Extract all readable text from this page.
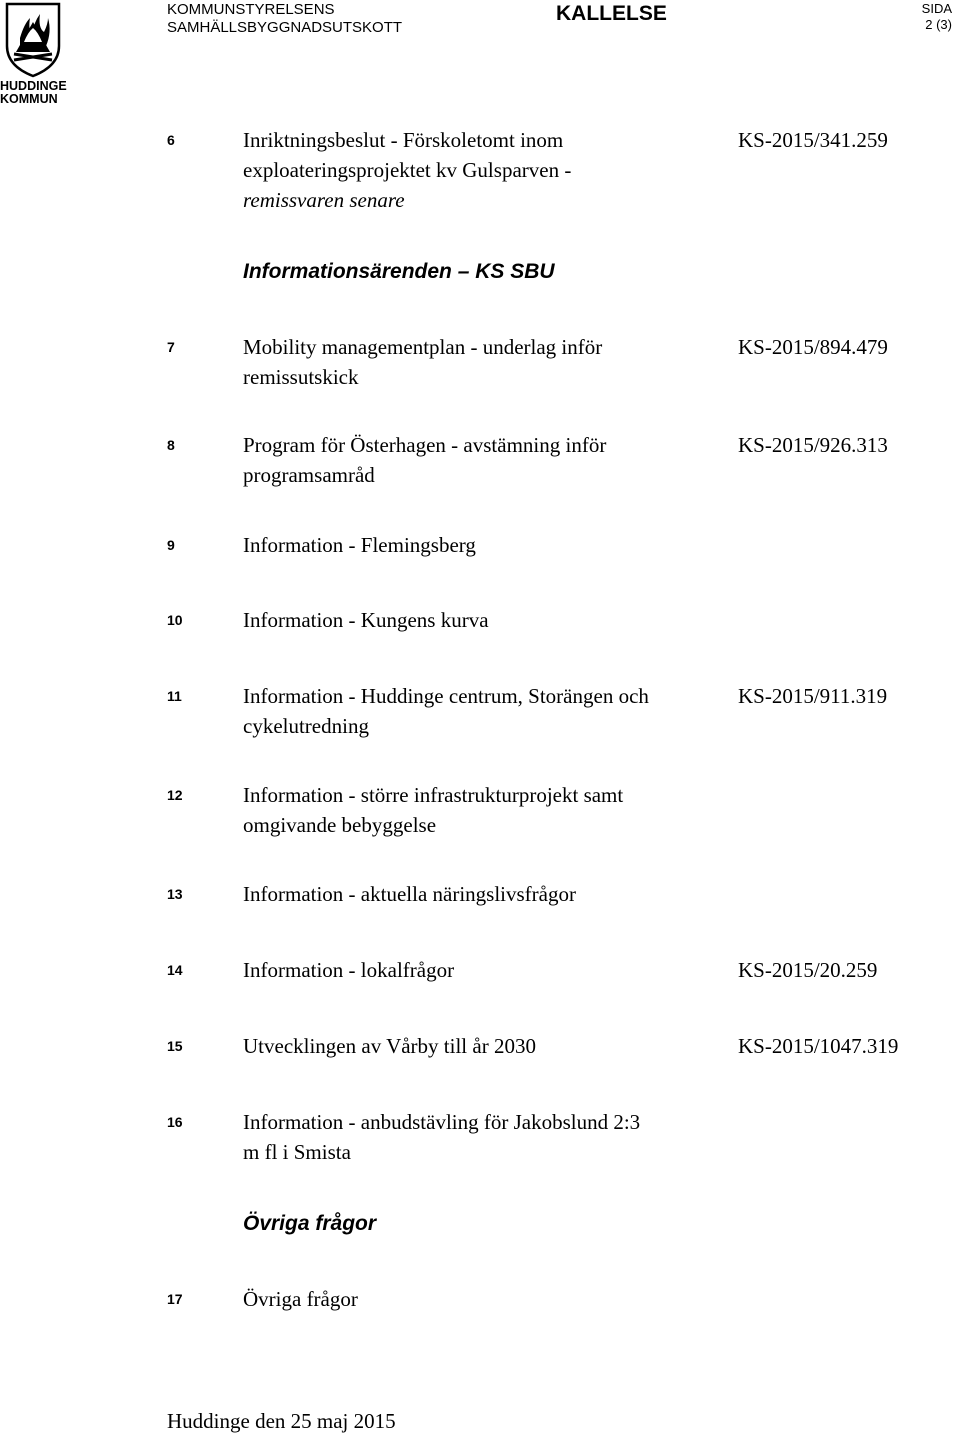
HUDDINGE
KOMMUN
KOMMUNSTYRELSENS
SAMHÄLLSBYGGNADSUTSKOTT
KALLELSE	SIDA
2 (3)
6	Inriktningsbeslut - Förskoletomt inom
exploateringsprojektet kv Gulsparven -
remissvaren senare
KS-2015/341.259
Informationsärenden – KS SBU
7	Mobility managementplan - underlag inför
remissutskick
KS-2015/894.479
8	Program för Österhagen - avstämning inför
programsamråd
KS-2015/926.313
9	Information - Flemingsberg
10	Information - Kungens kurva
11	Information - Huddinge centrum, Storängen och
cykelutredning
KS-2015/911.319
12	Information - större infrastrukturprojekt samt
omgivande bebyggelse
13	Information - aktuella näringslivsfrågor
14	Information - lokalfrågor	KS-2015/20.259
15	Utvecklingen av Vårby till år 2030	KS-2015/1047.319
16	Information - anbudstävling för Jakobslund 2:3
m fl i Smista
Övriga frågor
17	Övriga frågor
Huddinge den 25 maj 2015
